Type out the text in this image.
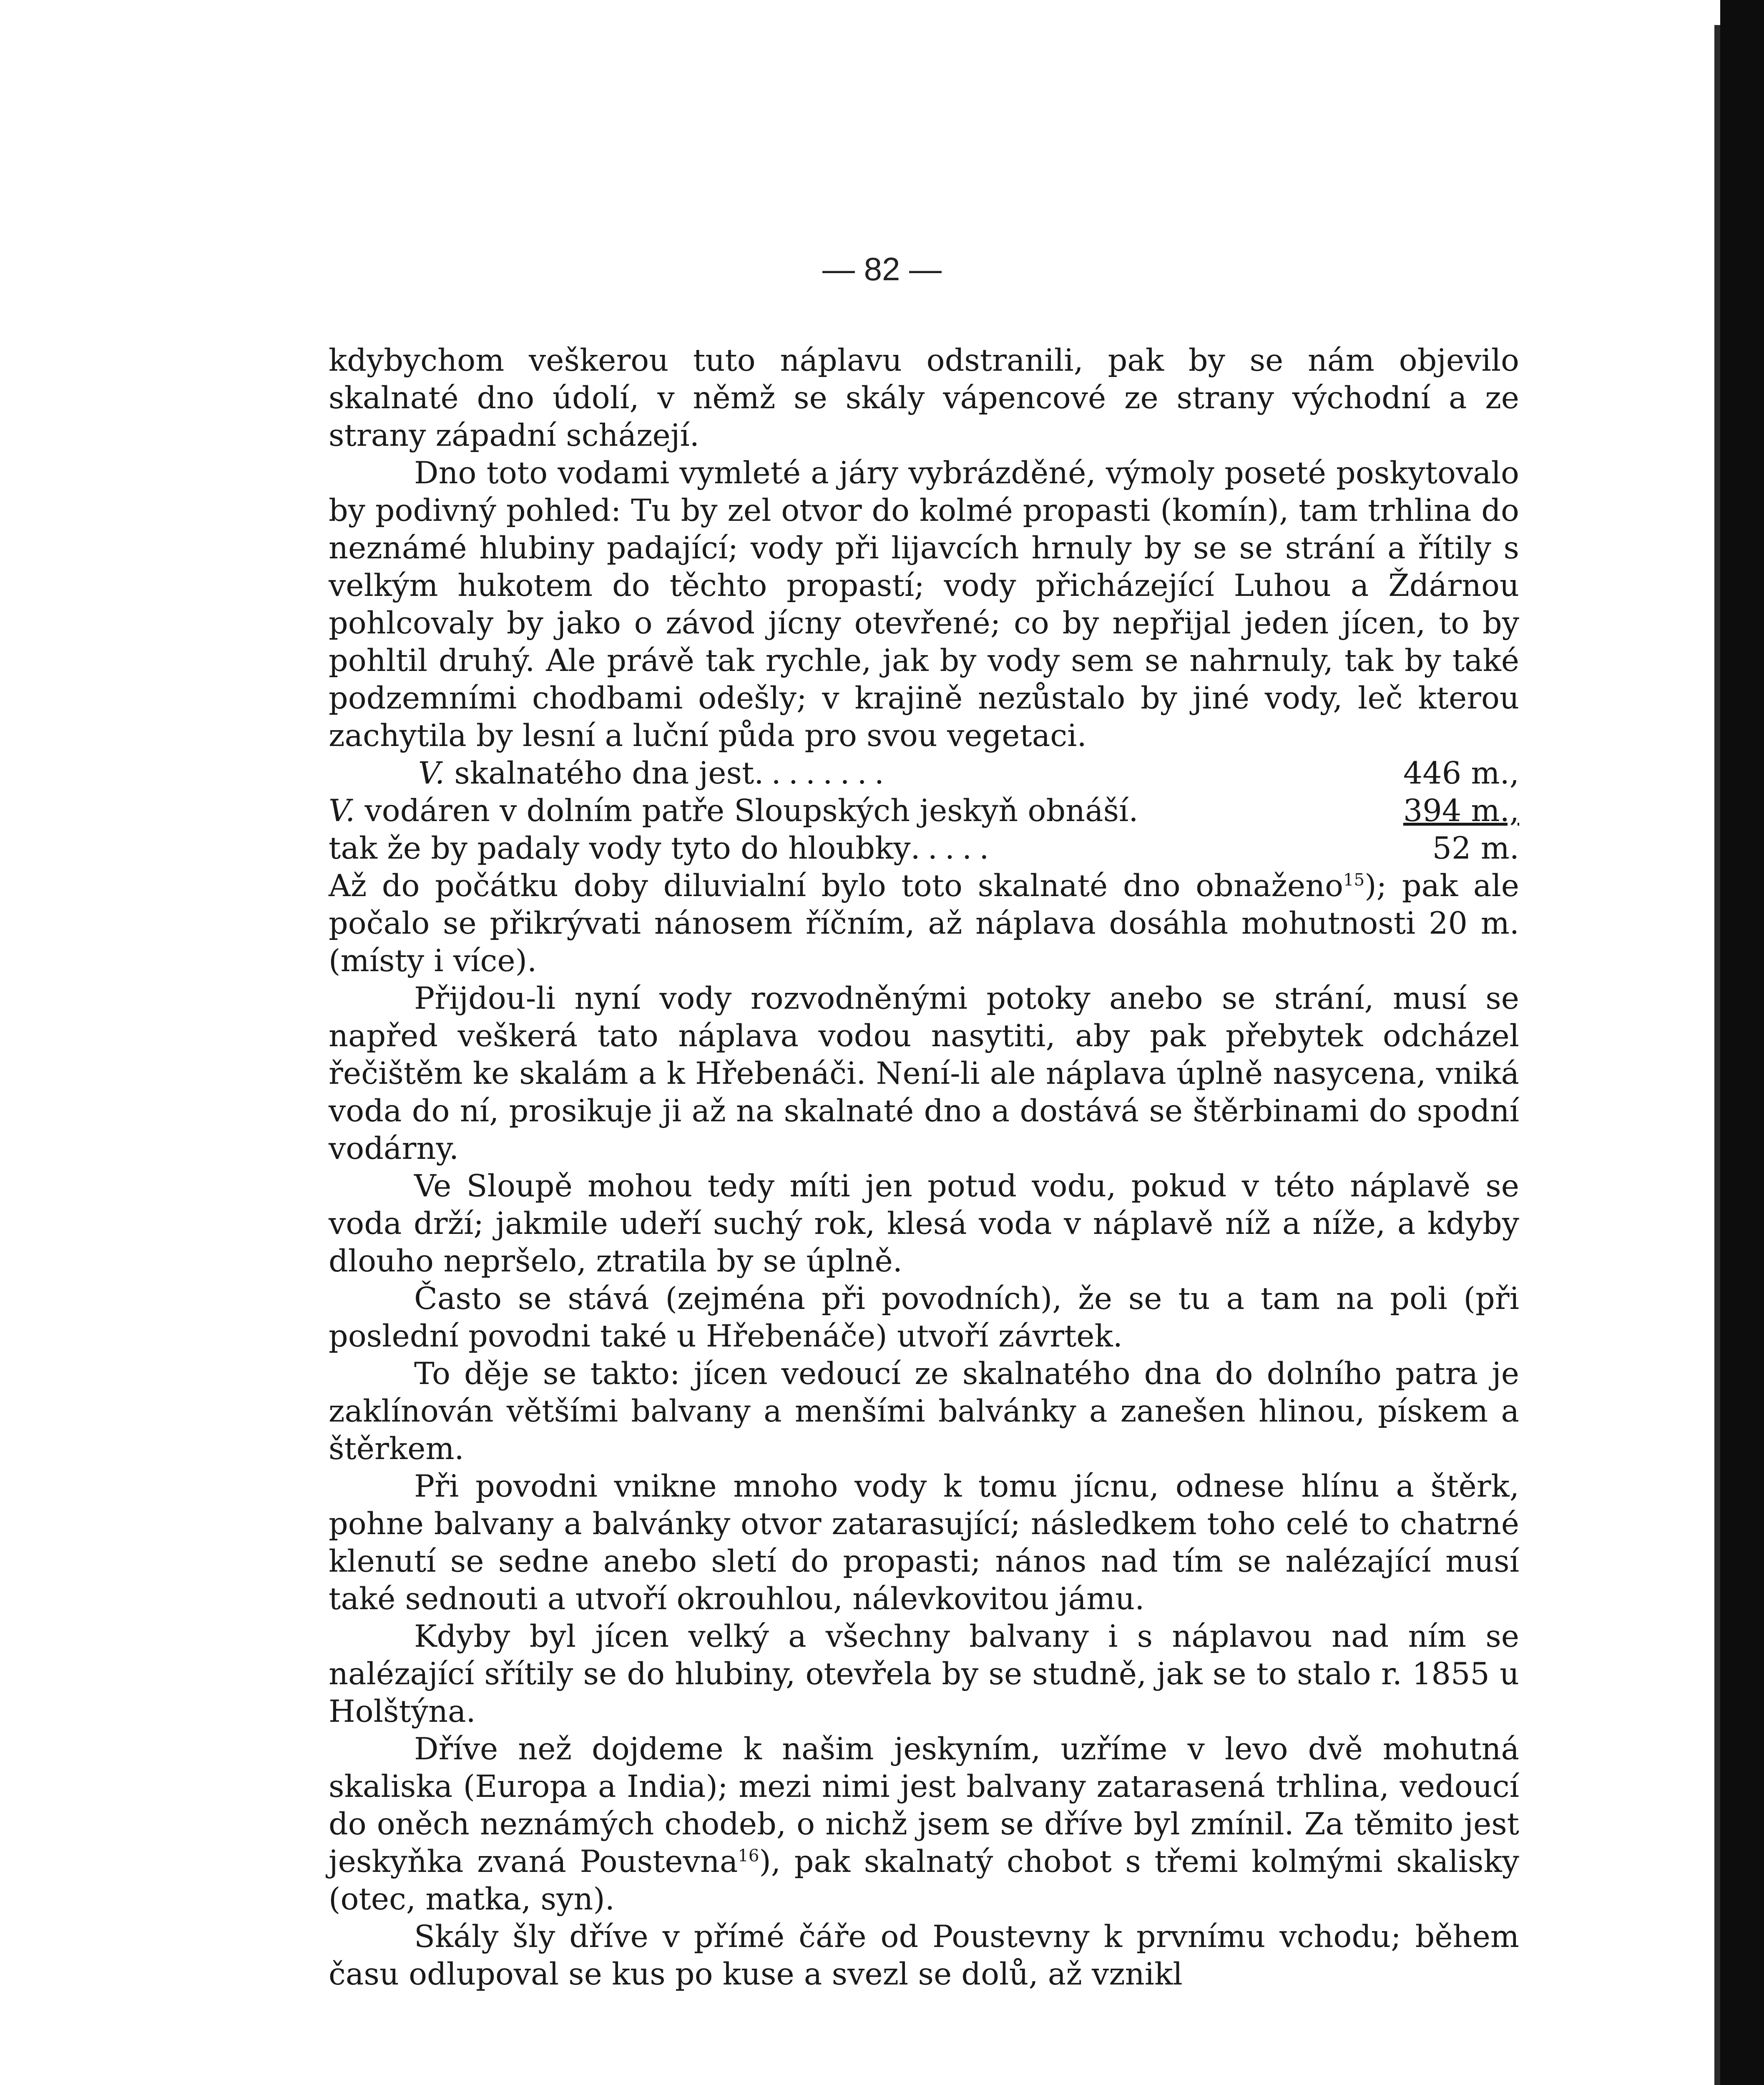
— 82 —

kdybychom veškerou tuto náplavu odstranili, pak by se nám objevilo skalnaté dno údolí, v němž se skály vápencové ze strany východní a ze strany západní scházejí.

Dno toto vodami vymleté a járy vybrázděné, výmoly poseté poskytovalo by podivný pohled: Tu by zel otvor do kolmé propasti (komín), tam trhlina do neznámé hlubiny padající; vody při lijavcích hrnuly by se se strání a řítily s velkým hukotem do těchto propastí; vody přicházející Luhou a Ždárnou pohlcovaly by jako o závod jícny otevřené; co by nepřijal jeden jícen, to by pohltil druhý. Ale právě tak rychle, jak by vody sem se nahrnuly, tak by také podzemními chodbami odešly; v krajině nezůstalo by jiné vody, leč kterou zachytila by lesní a luční půda pro svou vegetaci.

V. skalnatého dna jest ........	446 m.,
V. vodáren v dolním patře Sloupských jeskyň obnáší .	394 m.,
tak že by padaly vody tyto do hloubky .....	52 m.

Až do počátku doby diluvialní bylo toto skalnaté dno obnaženo$^{15}$); pak ale počalo se přikrývati nánosem říčním, až náplava dosáhla mohutnosti 20 m. (místy i více).

Přijdou-li nyní vody rozvodněnými potoky anebo se strání, musí se napřed veškerá tato náplava vodou nasytiti, aby pak přebytek odcházel řečištěm ke skalám a k Hřebenáči. Není-li ale náplava úplně nasycena, vniká voda do ní, prosikuje ji až na skalnaté dno a dostává se štěrbinami do spodní vodárny.

Ve Sloupě mohou tedy míti jen potud vodu, pokud v této náplavě se voda drží; jakmile udeří suchý rok, klesá voda v náplavě níž a níže, a kdyby dlouho nepršelo, ztratila by se úplně.

Často se stává (zejména při povodních), že se tu a tam na poli (při poslední povodni také u Hřebenáče) utvoří závrtek.

To děje se takto: jícen vedoucí ze skalnatého dna do dolního patra je zaklínován většími balvany a menšími balvánky a zanešen hlinou, pískem a štěrkem.

Při povodni vnikne mnoho vody k tomu jícnu, odnese hlínu a štěrk, pohne balvany a balvánky otvor zatarasující; následkem toho celé to chatrné klenutí se sedne anebo sletí do propasti; nános nad tím se nalézající musí také sednouti a utvoří okrouhlou, nálevkovitou jámu.

Kdyby byl jícen velký a všechny balvany i s náplavou nad ním se nalézající sřítily se do hlubiny, otevřela by se studně, jak se to stalo r. 1855 u Holštýna.

Dříve než dojdeme k našim jeskyním, uzříme v levo dvě mohutná skaliska (Europa a India); mezi nimi jest balvany zatarasená trhlina, vedoucí do oněch neznámých chodeb, o nichž jsem se dříve byl zmínil. Za těmito jest jeskyňka zvaná Poustevna$^{16}$), pak skalnatý chobot s třemi kolmými skalisky (otec, matka, syn).

Skály šly dříve v přímé čáře od Poustevny k prvnímu vchodu; během času odlupoval se kus po kuse a svezl se dolů, až vznikl
